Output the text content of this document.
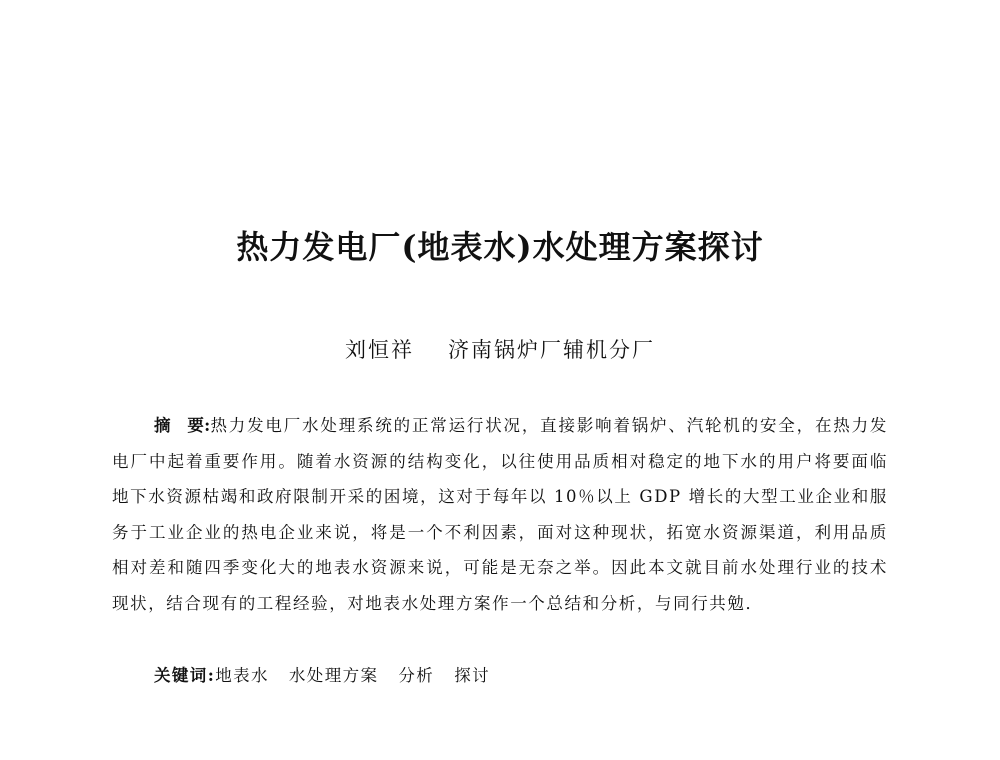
热力发电厂(地表水)水处理方案探讨
刘恒祥 济南锅炉厂辅机分厂

摘　要:热力发电厂水处理系统的正常运行状况，直接影响着锅炉、汽轮机的安全，在热力发电厂中起着重要作用。随着水资源的结构变化，以往使用品质相对稳定的地下水的用户将要面临地下水资源枯竭和政府限制开采的困境，这对于每年以 10％以上 GDP 增长的大型工业企业和服务于工业企业的热电企业来说，将是一个不利因素，面对这种现状，拓宽水资源渠道，利用品质相对差和随四季变化大的地表水资源来说，可能是无奈之举。因此本文就目前水处理行业的技术现状，结合现有的工程经验，对地表水处理方案作一个总结和分析，与同行共勉．

关键词:地表水 水处理方案 分析 探讨
